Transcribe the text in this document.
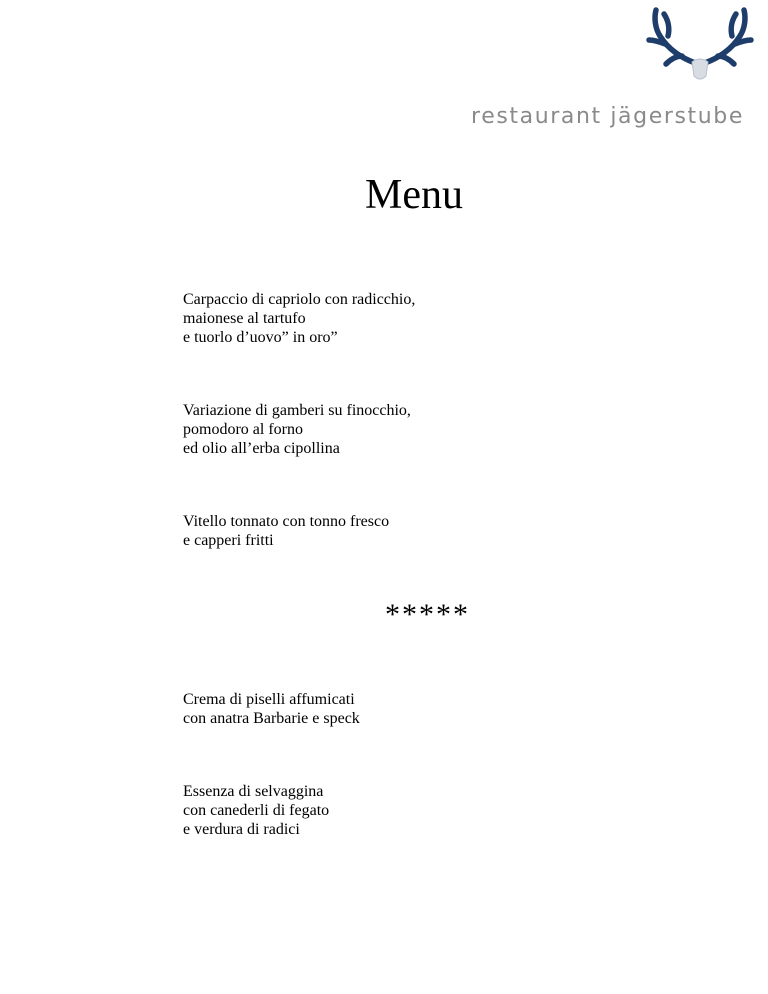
restaurant jägerstube
Menu
Carpaccio di capriolo con radicchio,
maionese al tartufo
e tuorlo d’uovo” in oro”
Variazione di gamberi su finocchio,
pomodoro al forno
ed olio all’erba cipollina
Vitello tonnato con tonno fresco
e capperi fritti
*****
Crema di piselli affumicati
con anatra Barbarie e speck
Essenza di selvaggina
con canederli di fegato
e verdura di radici
